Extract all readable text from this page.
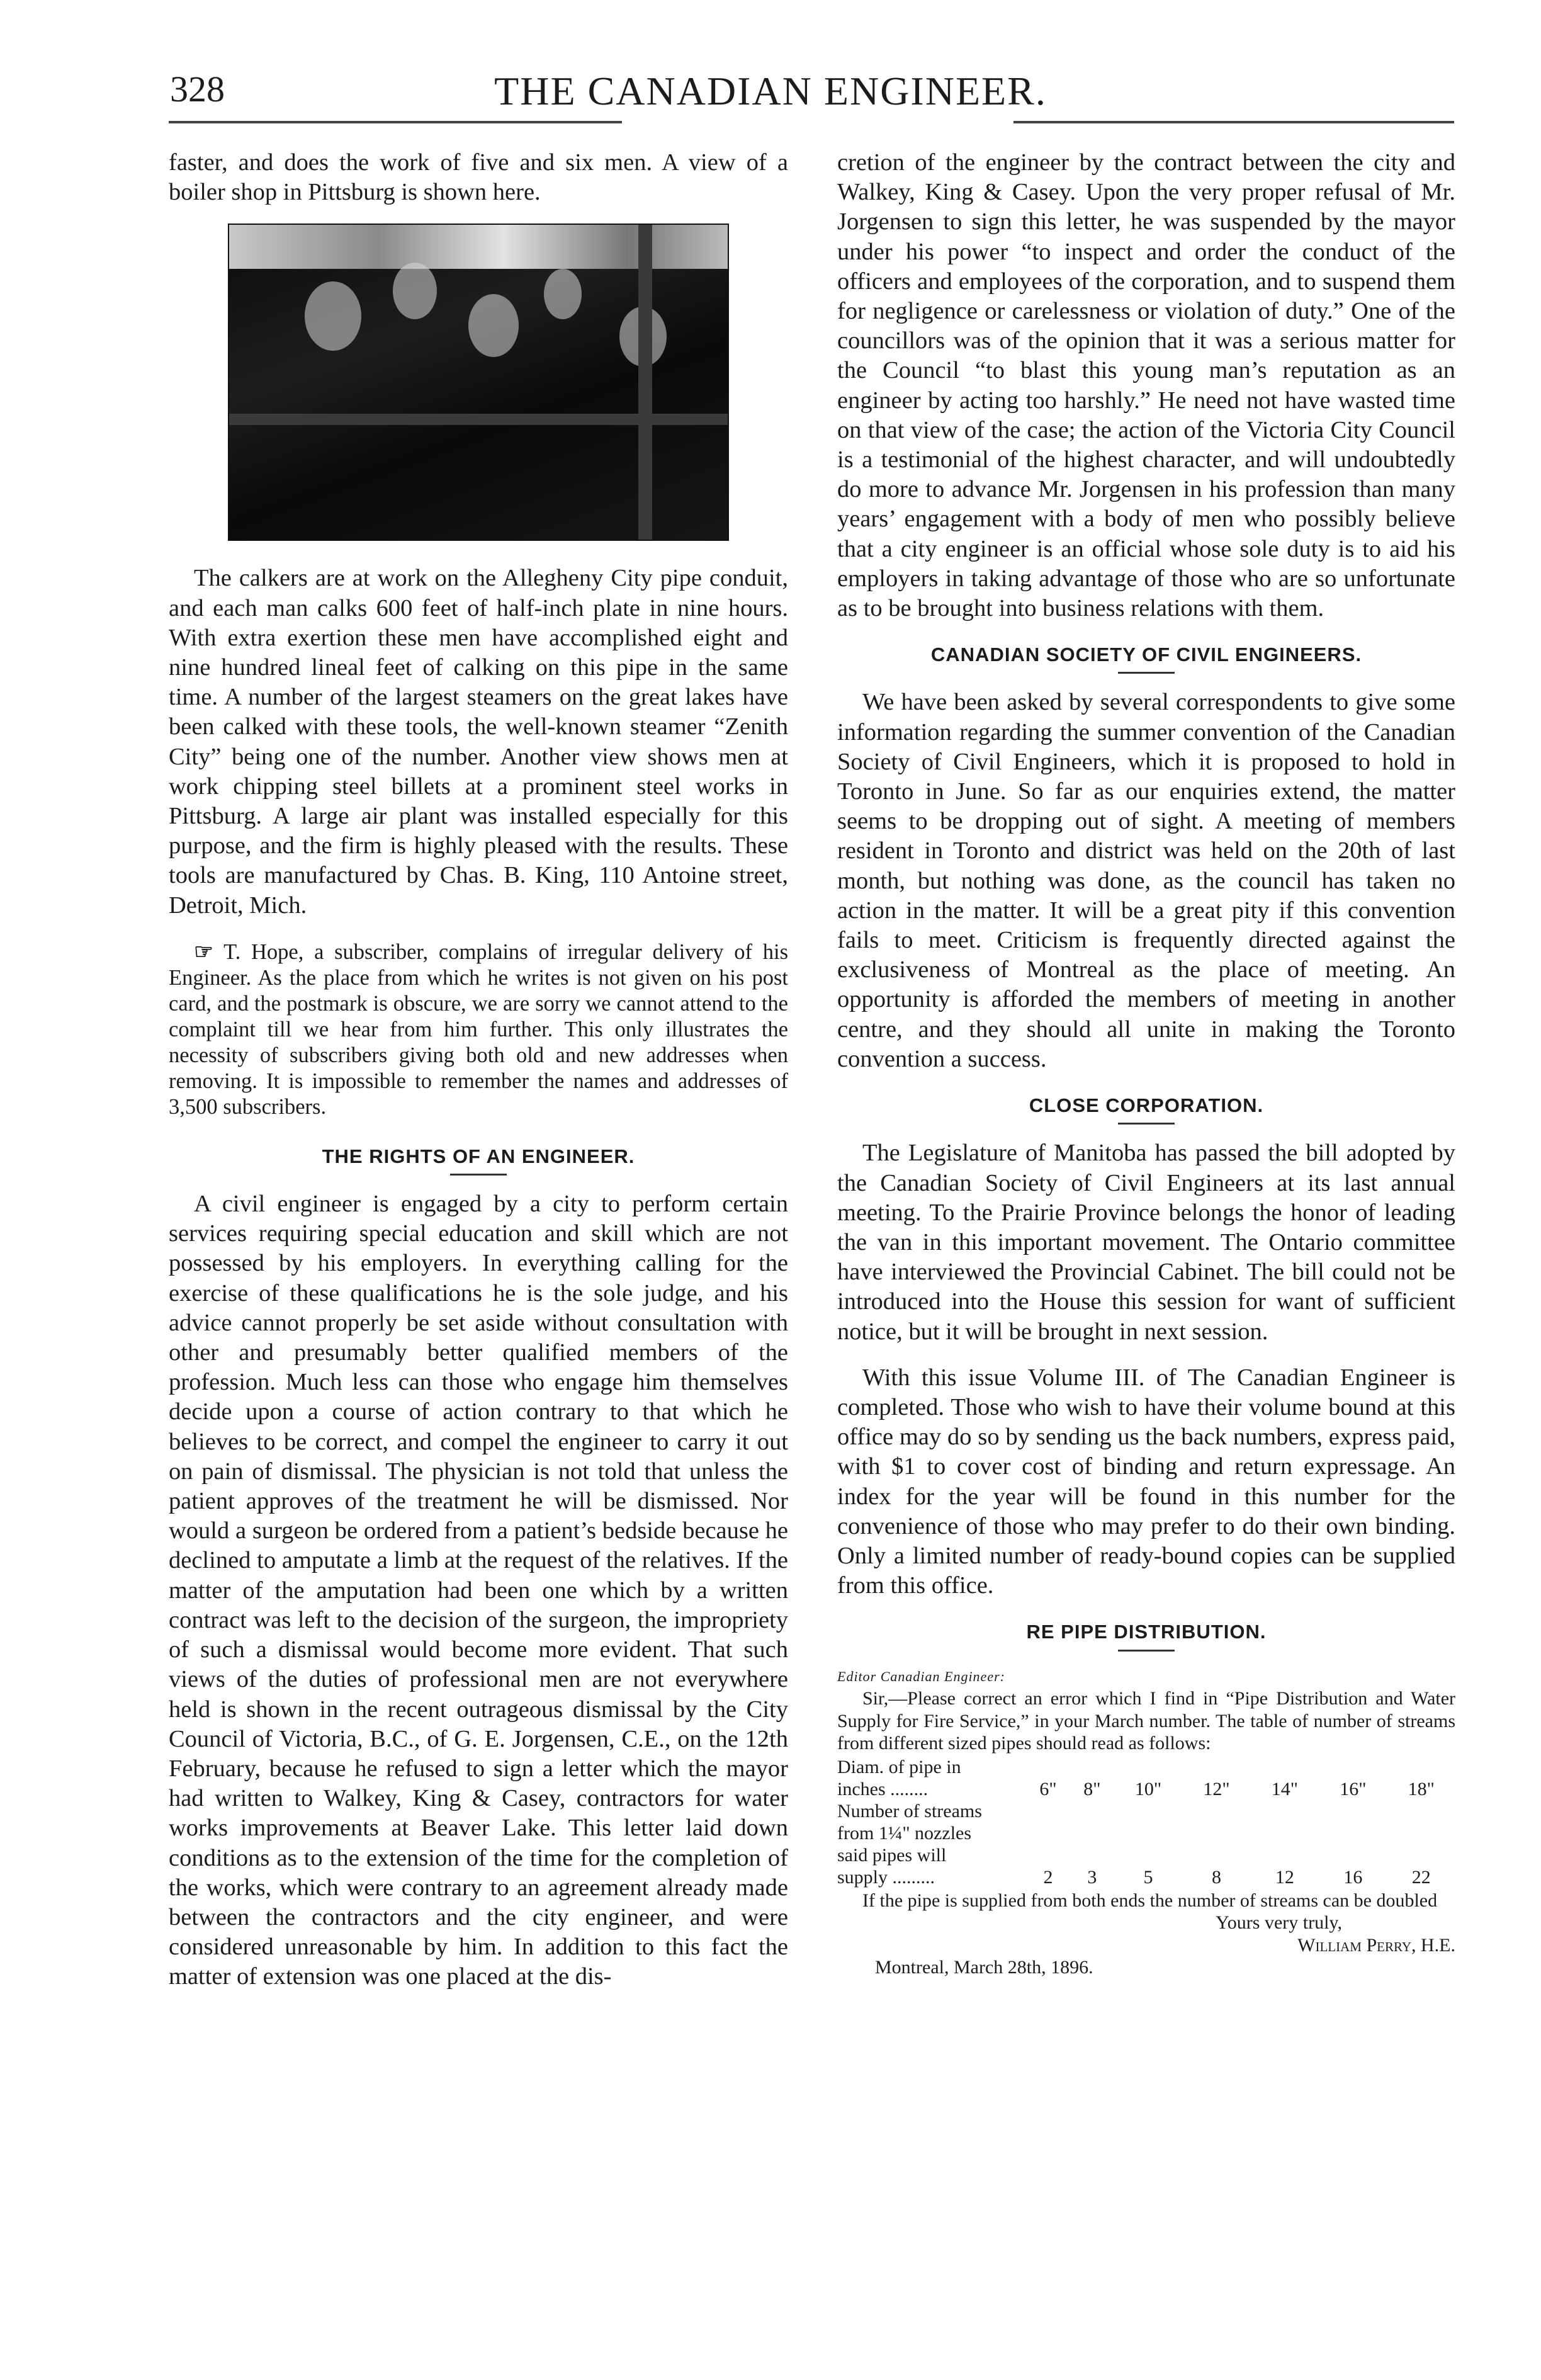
328	THE CANADIAN ENGINEER.

faster, and does the work of five and six men. A view of a boiler shop in Pittsburg is shown here.

The calkers are at work on the Allegheny City pipe conduit, and each man calks 600 feet of half-inch plate in nine hours. With extra exertion these men have accomplished eight and nine hundred lineal feet of calking on this pipe in the same time. A number of the largest steamers on the great lakes have been calked with these tools, the well-known steamer “Zenith City” being one of the number. Another view shows men at work chipping steel billets at a prominent steel works in Pittsburg. A large air plant was installed especially for this purpose, and the firm is highly pleased with the results. These tools are manufactured by Chas. B. King, 110 Antoine street, Detroit, Mich.

☞ T. Hope, a subscriber, complains of irregular delivery of his Engineer. As the place from which he writes is not given on his post card, and the postmark is obscure, we are sorry we cannot attend to the complaint till we hear from him further. This only illustrates the necessity of subscribers giving both old and new addresses when removing. It is impossible to remember the names and addresses of 3,500 subscribers.

THE RIGHTS OF AN ENGINEER.

A civil engineer is engaged by a city to perform certain services requiring special education and skill which are not possessed by his employers. In everything calling for the exercise of these qualifications he is the sole judge, and his advice cannot properly be set aside without consultation with other and presumably better qualified members of the profession. Much less can those who engage him themselves decide upon a course of action contrary to that which he believes to be correct, and compel the engineer to carry it out on pain of dismissal. The physician is not told that unless the patient approves of the treatment he will be dismissed. Nor would a surgeon be ordered from a patient’s bedside because he declined to amputate a limb at the request of the relatives. If the matter of the amputation had been one which by a written contract was left to the decision of the surgeon, the impropriety of such a dismissal would become more evident. That such views of the duties of professional men are not everywhere held is shown in the recent outrageous dismissal by the City Council of Victoria, B.C., of G. E. Jorgensen, C.E., on the 12th February, because he refused to sign a letter which the mayor had written to Walkey, King & Casey, contractors for water works improvements at Beaver Lake. This letter laid down conditions as to the extension of the time for the completion of the works, which were contrary to an agreement already made between the contractors and the city engineer, and were considered unreasonable by him. In addition to this fact the matter of extension was one placed at the dis-

cretion of the engineer by the contract between the city and Walkey, King & Casey. Upon the very proper refusal of Mr. Jorgensen to sign this letter, he was suspended by the mayor under his power “to inspect and order the conduct of the officers and employees of the corporation, and to suspend them for negligence or carelessness or violation of duty.” One of the councillors was of the opinion that it was a serious matter for the Council “to blast this young man’s reputation as an engineer by acting too harshly.” He need not have wasted time on that view of the case; the action of the Victoria City Council is a testimonial of the highest character, and will undoubtedly do more to advance Mr. Jorgensen in his profession than many years’ engagement with a body of men who possibly believe that a city engineer is an official whose sole duty is to aid his employers in taking advantage of those who are so unfortunate as to be brought into business relations with them.

CANADIAN SOCIETY OF CIVIL ENGINEERS.

We have been asked by several correspondents to give some information regarding the summer convention of the Canadian Society of Civil Engineers, which it is proposed to hold in Toronto in June. So far as our enquiries extend, the matter seems to be dropping out of sight. A meeting of members resident in Toronto and district was held on the 20th of last month, but nothing was done, as the council has taken no action in the matter. It will be a great pity if this convention fails to meet. Criticism is frequently directed against the exclusiveness of Montreal as the place of meeting. An opportunity is afforded the members of meeting in another centre, and they should all unite in making the Toronto convention a success.

CLOSE CORPORATION.

The Legislature of Manitoba has passed the bill adopted by the Canadian Society of Civil Engineers at its last annual meeting. To the Prairie Province belongs the honor of leading the van in this important movement. The Ontario committee have interviewed the Provincial Cabinet. The bill could not be introduced into the House this session for want of sufficient notice, but it will be brought in next session.

With this issue Volume III. of The Canadian Engineer is completed. Those who wish to have their volume bound at this office may do so by sending us the back numbers, express paid, with $1 to cover cost of binding and return expressage. An index for the year will be found in this number for the convenience of those who may prefer to do their own binding. Only a limited number of ready-bound copies can be supplied from this office.

RE PIPE DISTRIBUTION.
Editor Canadian Engineer:

Sir,—Please correct an error which I find in “Pipe Distribution and Water Supply for Fire Service,” in your March number. The table of number of streams from different sized pipes should read as follows:

Diam. of pipe in							
inches ........	6"	8"	10"	12"	14"	16"	18"
Number of streams							
from 1¼" nozzles							
said pipes will							
supply .........	2	3	5	8	12	16	22

If the pipe is supplied from both ends the number of streams can be doubled

Yours very truly,
William Perry, H.E.
Montreal, March 28th, 1896.
